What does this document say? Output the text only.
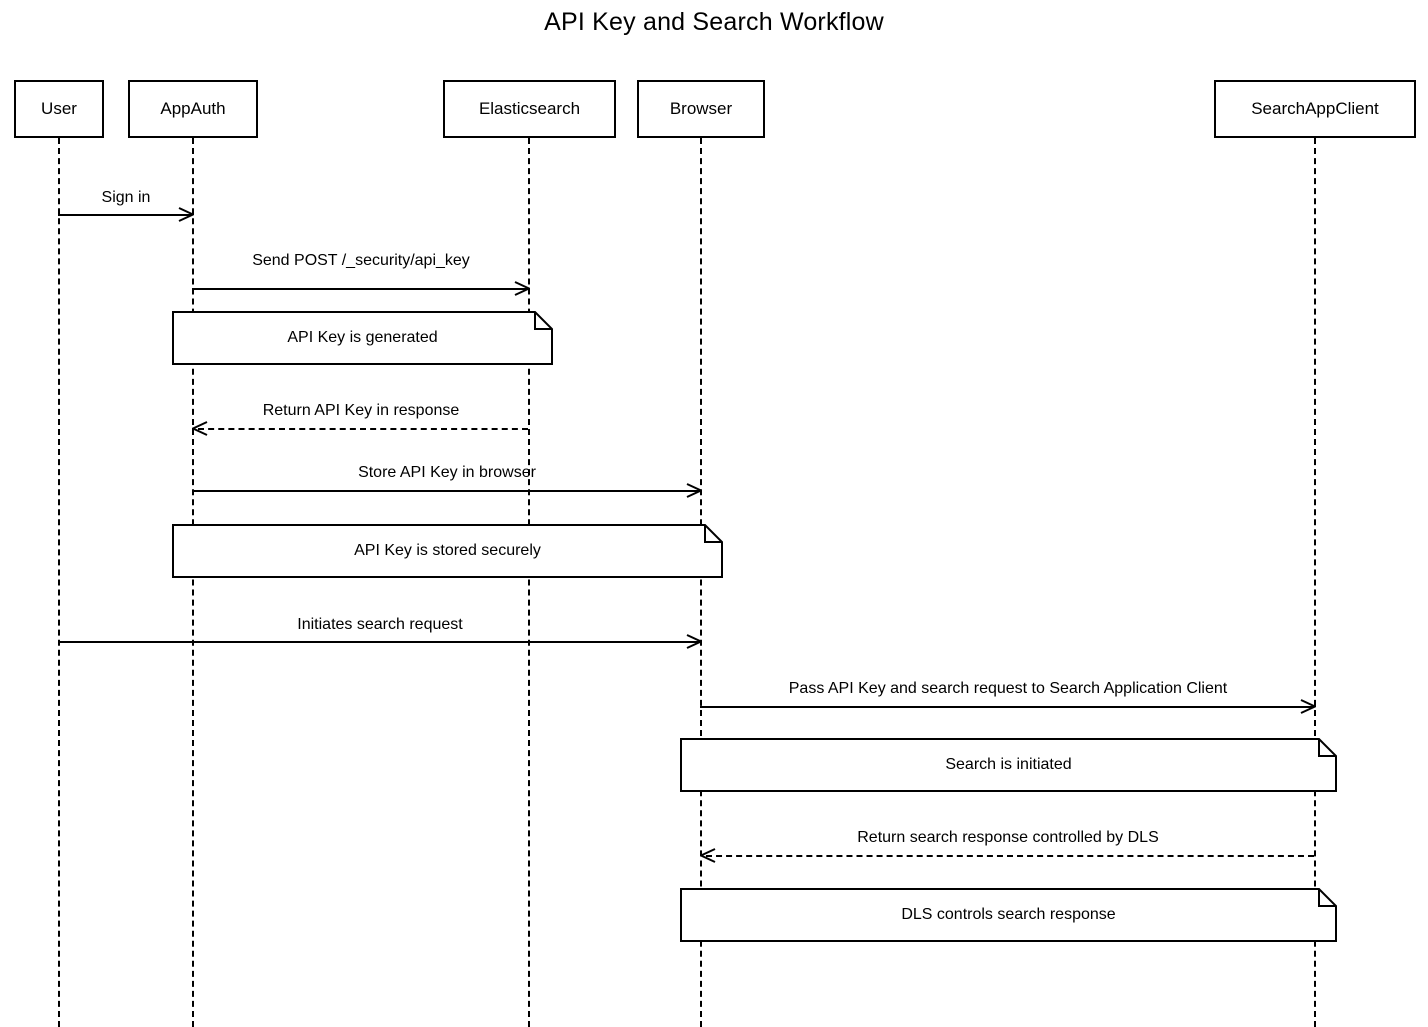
API Key and Search Workflow
User	AppAuth	Elasticsearch	Browser	SearchAppClient
Sign in
Send POST /_security/api_key
API Key is generated
Return API Key in response
Store API Key in browser
API Key is stored securely
Initiates search request
Pass API Key and search request to Search Application Client
Search is initiated
Return search response controlled by DLS
DLS controls search response
